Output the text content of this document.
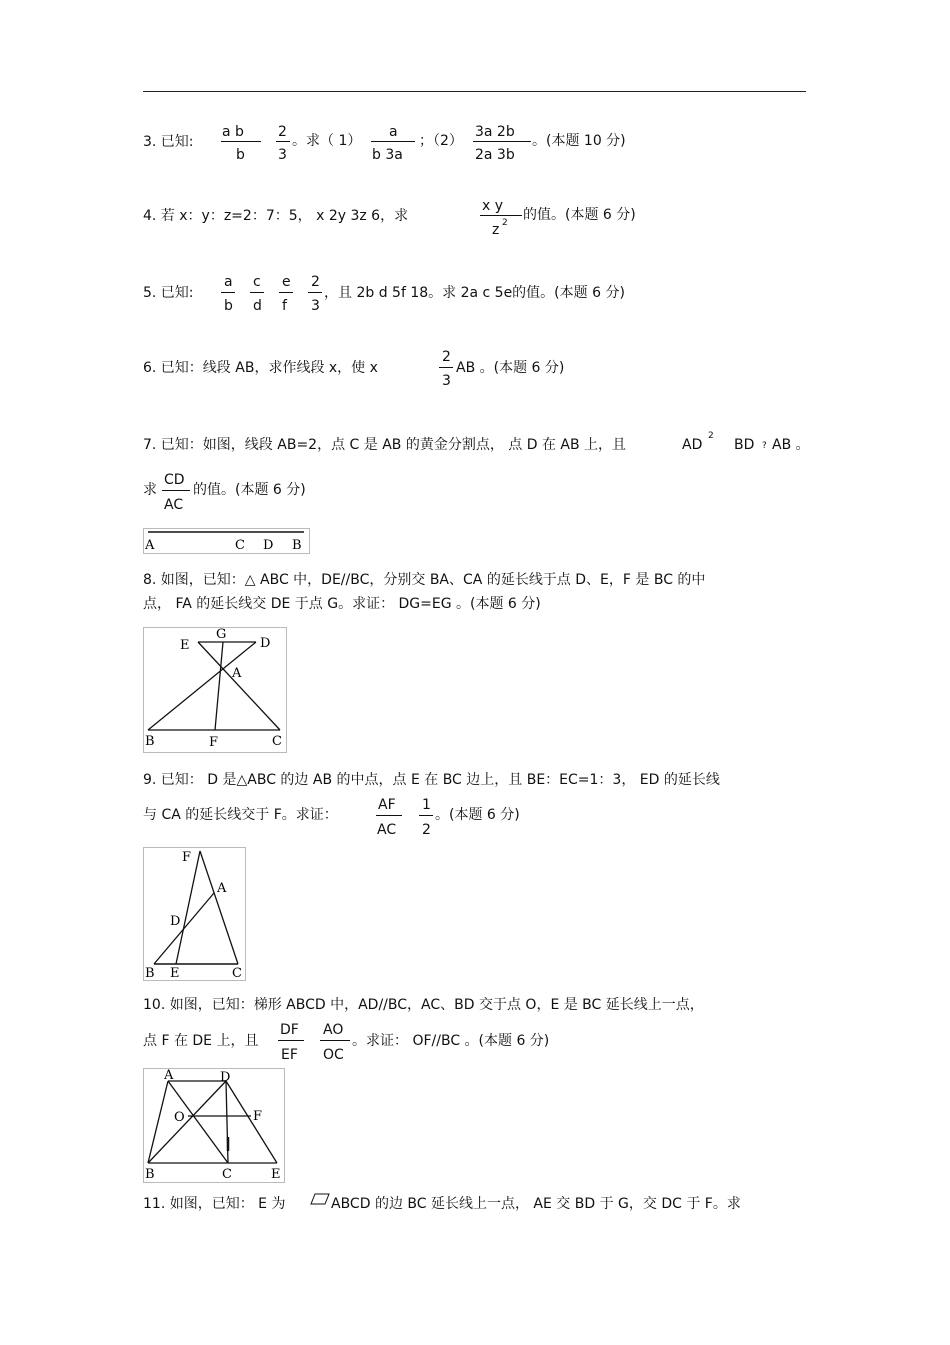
3. 已知:
a b
b
2
3
。求（ 1）
a
b 3a
；（2）
3a 2b
2a 3b
。(本题 10 分)
4. 若 x：y：z=2：7：5， x 2y 3z 6，求
x y
z 2 的值。(本题 6 分)
5. 已知:
a
b
c
d
e
f
2
3
，且 2b d 5f 18。求 2a c 5e的值。(本题 6 分)
6. 已知：线段 AB，求作线段 x，使 x
2
3
AB 。(本题 6 分)
7. 已知：如图，线段 AB=2，点 C 是 AB 的黄金分割点， 点 D 在 AB 上，且	AD
2
BD ? AB 。
求
CD
AC
的值。(本题 6 分)
A	C D B
8. 如图，已知：△ ABC 中，DE//BC，分别交 BA、CA 的延长线于点 D、E，F 是 BC 的中
点， FA 的延长线交 DE 于点 G。求证： DG=EG 。(本题 6 分)
E
G
D
A
B	F	C
9. 已知： D 是△ABC 的边 AB 的中点，点 E 在 BC 边上，且 BE：EC=1：3， ED 的延长线
与 CA 的延长线交于 F。求证：
AF
AC
1
2
。(本题 6 分)
F
A
D
B E	C
10. 如图，已知：梯形 ABCD 中，AD//BC，AC、BD 交于点 O，E 是 BC 延长线上一点，
点 F 在 DE 上，且
DF
EF
AO
OC
。求证： OF//BC 。(本题 6 分)
A	D
O	F
B	C	E
11. 如图，已知： E 为	ABCD 的边 BC 延长线上一点， AE 交 BD 于 G，交 DC 于 F。求
